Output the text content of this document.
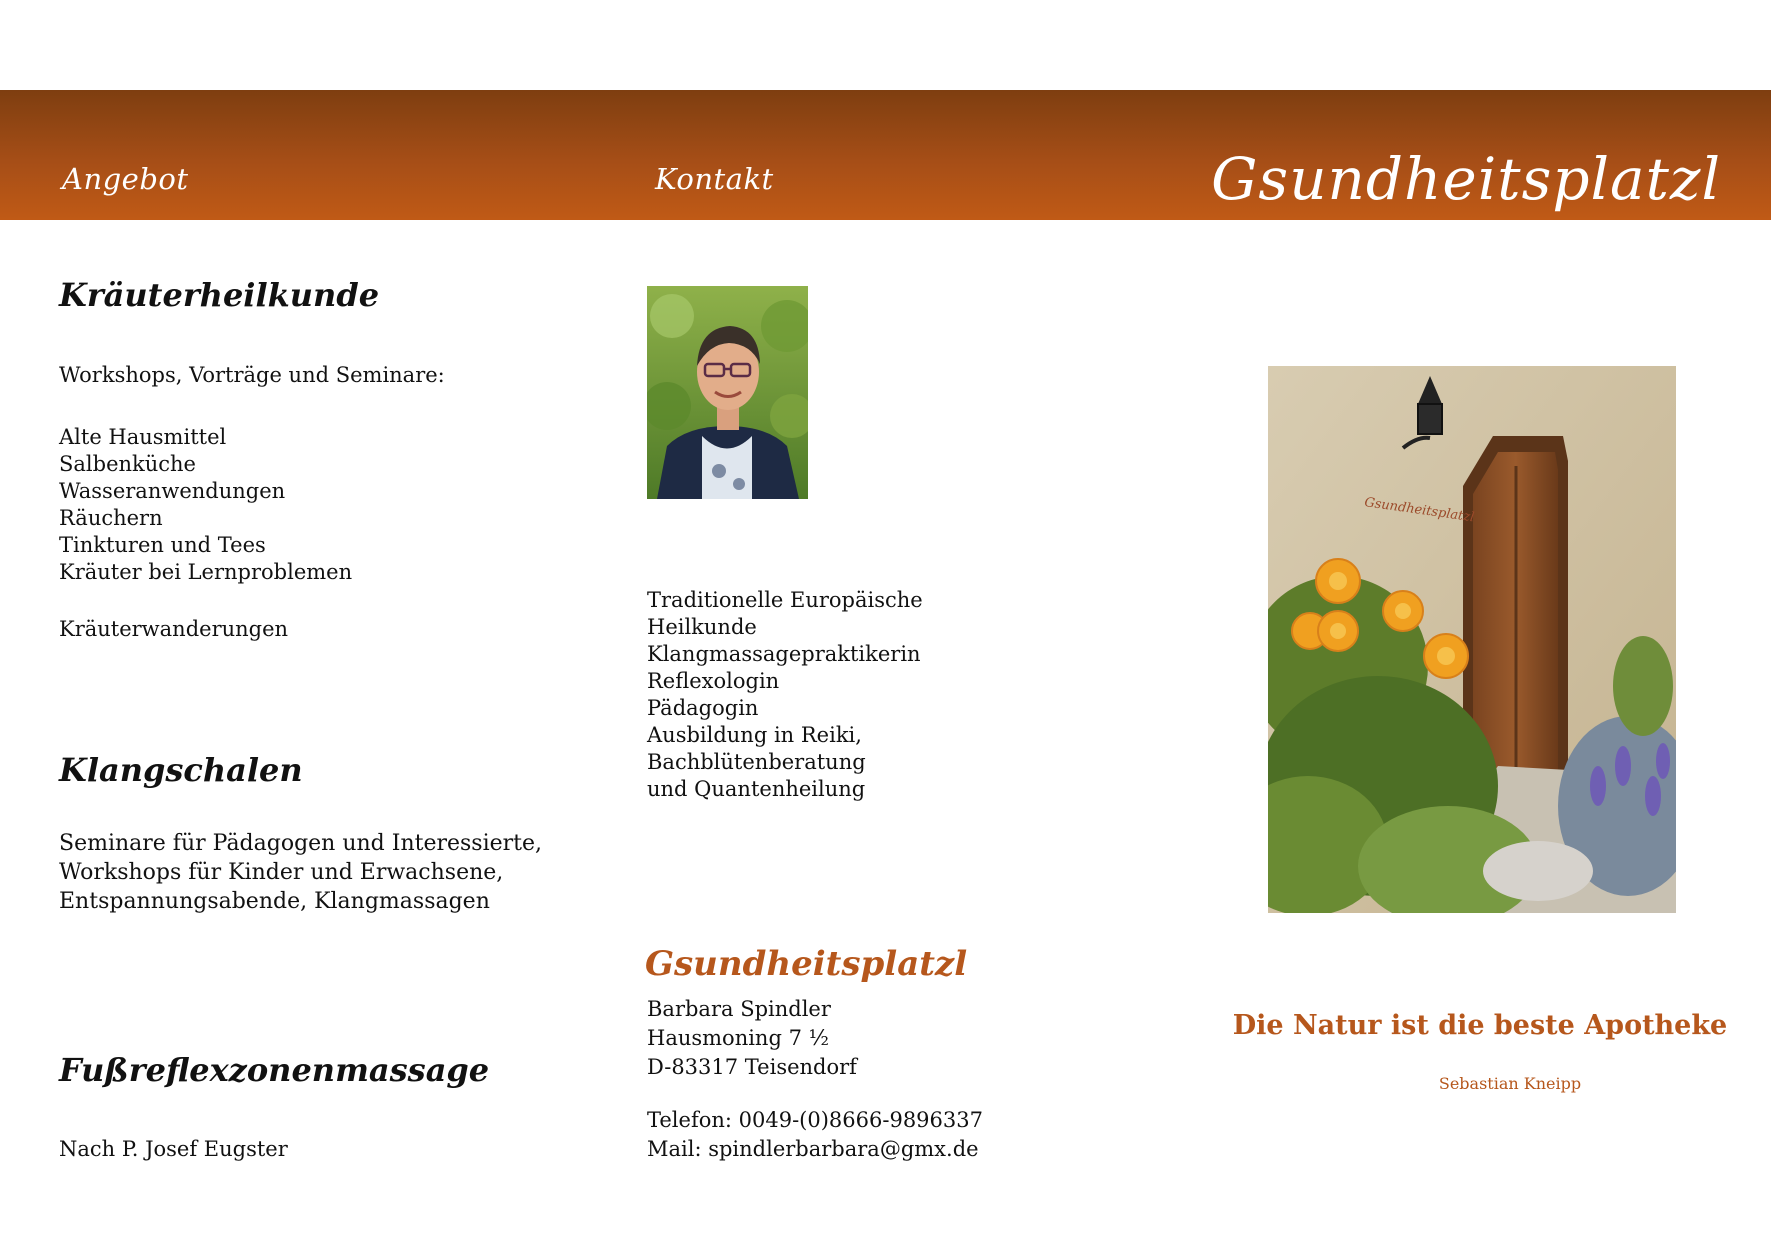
Angebot	Kontakt	Gsundheitsplatzl
Kräuterheilkunde
Workshops, Vorträge und Seminare:
Alte Hausmittel
Salbenküche
Wasseranwendungen
Räuchern
Tinkturen und Tees
Kräuter bei Lernproblemen
Kräuterwanderungen
Klangschalen
Seminare für Pädagogen und Interessierte,
Workshops für Kinder und Erwachsene,
Entspannungsabende, Klangmassagen
Fußreflexzonenmassage
Nach P. Josef Eugster
Traditionelle Europäische
Heilkunde
Klangmassagepraktikerin
Reflexologin
Pädagogin
Ausbildung in Reiki,
Bachblütenberatung
und Quantenheilung
Gsundheitsplatzl
Barbara Spindler
Hausmoning 7 ½
D-83317 Teisendorf
Telefon: 0049-(0)8666-9896337
Mail: spindlerbarbara@gmx.de
Gsundheitsplatzl
Die Natur ist die beste Apotheke
Sebastian Kneipp
